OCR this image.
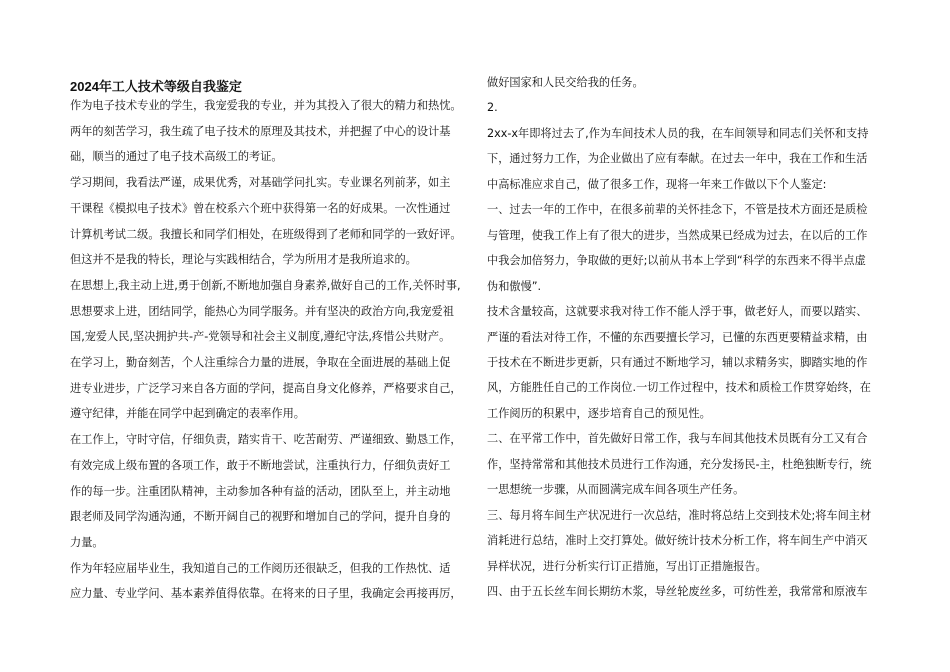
2024年工人技术等级自我鉴定
作为电子技术专业的学生，我宠爱我的专业，并为其投入了很大的精力和热忱。
两年的刻苦学习，我生疏了电子技术的原理及其技术，并把握了中心的设计基
础，顺当的通过了电子技术高级工的考证。
学习期间，我看法严谨，成果优秀，对基础学问扎实。专业课名列前茅，如主
干课程《模拟电子技术》曾在校系六个班中获得第一名的好成果。一次性通过
计算机考试二级。我擅长和同学们相处，在班级得到了老师和同学的一致好评。
但这并不是我的特长，理论与实践相结合，学为所用才是我所追求的。
在思想上,我主动上进,勇于创新,不断地加强自身素养,做好自己的工作,关怀时事,
思想要求上进，团结同学，能热心为同学服务。并有坚决的政治方向,我宠爱祖
国,宠爱人民,坚决拥护共-产-党领导和社会主义制度,遵纪守法,疼惜公共财产。
在学习上，勤奋刻苦，个人注重综合力量的进展，争取在全面进展的基础上促
进专业进步，广泛学习来自各方面的学问，提高自身文化修养，严格要求自己，
遵守纪律，并能在同学中起到确定的表率作用。
在工作上，守时守信，仔细负责，踏实肯干、吃苦耐劳、严谨细致、勤恳工作，
有效完成上级布置的各项工作，敢于不断地尝试，注重执行力，仔细负责好工
作的每一步。注重团队精神，主动参加各种有益的活动，团队至上，并主动地
跟老师及同学沟通沟通，不断开阔自己的视野和增加自己的学问，提升自身的
力量。
作为年轻应届毕业生，我知道自己的工作阅历还很缺乏，但我的工作热忱、适
应力量、专业学问、基本素养值得依靠。在将来的日子里，我确定会再接再厉，
做好国家和人民交给我的任务。
2.
2xx-x年即将过去了,作为车间技术人员的我，在车间领导和同志们关怀和支持
下，通过努力工作，为企业做出了应有奉献。在过去一年中，我在工作和生活
中高标准应求自己，做了很多工作，现将一年来工作做以下个人鉴定:
一、过去一年的工作中，在很多前辈的关怀挂念下，不管是技术方面还是质检
与管理，使我工作上有了很大的进步，当然成果已经成为过去，在以后的工作
中我会加倍努力，争取做的更好;以前从书本上学到“科学的东西来不得半点虚
伪和傲慢”.
技术含量较高，这就要求我对待工作不能人浮于事，做老好人，而要以踏实、
严谨的看法对待工作，不懂的东西要擅长学习，已懂的东西更要精益求精，由
于技术在不断进步更新，只有通过不断地学习，辅以求精务实，脚踏实地的作
风，方能胜任自己的工作岗位.一切工作过程中，技术和质检工作贯穿始终，在
工作阅历的积累中，逐步培育自己的预见性。
二、在平常工作中，首先做好日常工作，我与车间其他技术员既有分工又有合
作，坚持常常和其他技术员进行工作沟通，充分发扬民-主，杜绝独断专行，统
一思想统一步骤，从而圆满完成车间各项生产任务。
三、每月将车间生产状况进行一次总结，准时将总结上交到技术处;将车间主材
消耗进行总结，准时上交打算处。做好统计技术分析工作，将车间生产中消灭
异样状况，进行分析实行订正措施，写出订正措施报告。
四、由于五长丝车间长期纺木浆，导丝轮废丝多，可纺性差，我常常和原液车
